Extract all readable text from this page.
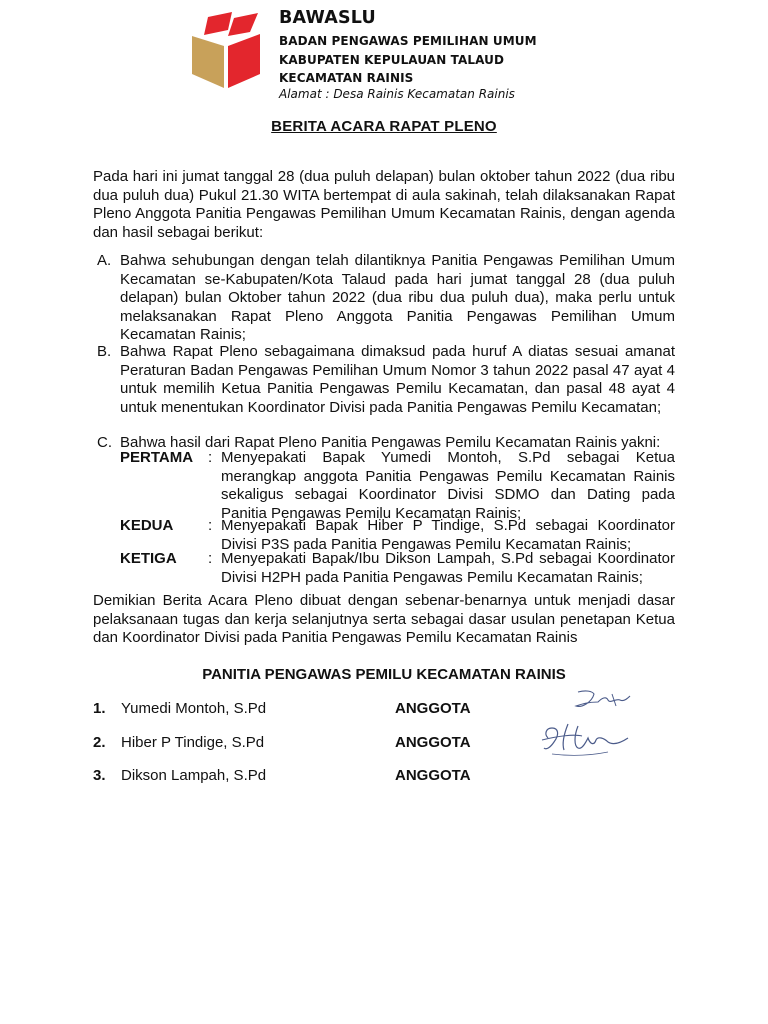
BAWASLU
BADAN PENGAWAS PEMILIHAN UMUM
KABUPATEN KEPULAUAN TALAUD
KECAMATAN RAINIS
Alamat : Desa Rainis Kecamatan Rainis
BERITA ACARA RAPAT PLENO
Pada hari ini jumat tanggal 28 (dua puluh delapan) bulan oktober tahun 2022 (dua ribu dua puluh dua) Pukul 21.30 WITA bertempat di aula sakinah, telah dilaksanakan Rapat Pleno Anggota Panitia Pengawas Pemilihan Umum Kecamatan Rainis, dengan agenda dan hasil sebagai berikut:
A. Bahwa sehubungan dengan telah dilantiknya Panitia Pengawas Pemilihan Umum Kecamatan se-Kabupaten/Kota Talaud pada hari jumat tanggal 28 (dua puluh delapan) bulan Oktober tahun 2022 (dua ribu dua puluh dua), maka perlu untuk melaksanakan Rapat Pleno Anggota Panitia Pengawas Pemilihan Umum Kecamatan Rainis;
B. Bahwa Rapat Pleno sebagaimana dimaksud pada huruf A diatas sesuai amanat Peraturan Badan Pengawas Pemilihan Umum Nomor 3 tahun 2022 pasal 47 ayat 4 untuk memilih Ketua Panitia Pengawas Pemilu Kecamatan, dan pasal 48 ayat 4 untuk menentukan Koordinator Divisi pada Panitia Pengawas Pemilu Kecamatan;
C. Bahwa hasil dari Rapat Pleno Panitia Pengawas Pemilu Kecamatan Rainis yakni:
PERTAMA : Menyepakati Bapak Yumedi Montoh, S.Pd sebagai Ketua merangkap anggota Panitia Pengawas Pemilu Kecamatan Rainis sekaligus sebagai Koordinator Divisi SDMO dan Dating pada Panitia Pengawas Pemilu Kecamatan Rainis;
KEDUA : Menyepakati Bapak Hiber P Tindige, S.Pd sebagai Koordinator Divisi P3S pada Panitia Pengawas Pemilu Kecamatan Rainis;
KETIGA : Menyepakati Bapak/Ibu Dikson Lampah, S.Pd sebagai Koordinator Divisi H2PH pada Panitia Pengawas Pemilu Kecamatan Rainis;
Demikian Berita Acara Pleno dibuat dengan sebenar-benarnya untuk menjadi dasar pelaksanaan tugas dan kerja selanjutnya serta sebagai dasar usulan penetapan Ketua dan Koordinator Divisi pada Panitia Pengawas Pemilu Kecamatan Rainis
PANITIA PENGAWAS PEMILU KECAMATAN RAINIS
1. Yumedi Montoh, S.Pd	ANGGOTA
2. Hiber P Tindige, S.Pd	ANGGOTA
3. Dikson Lampah, S.Pd	ANGGOTA
